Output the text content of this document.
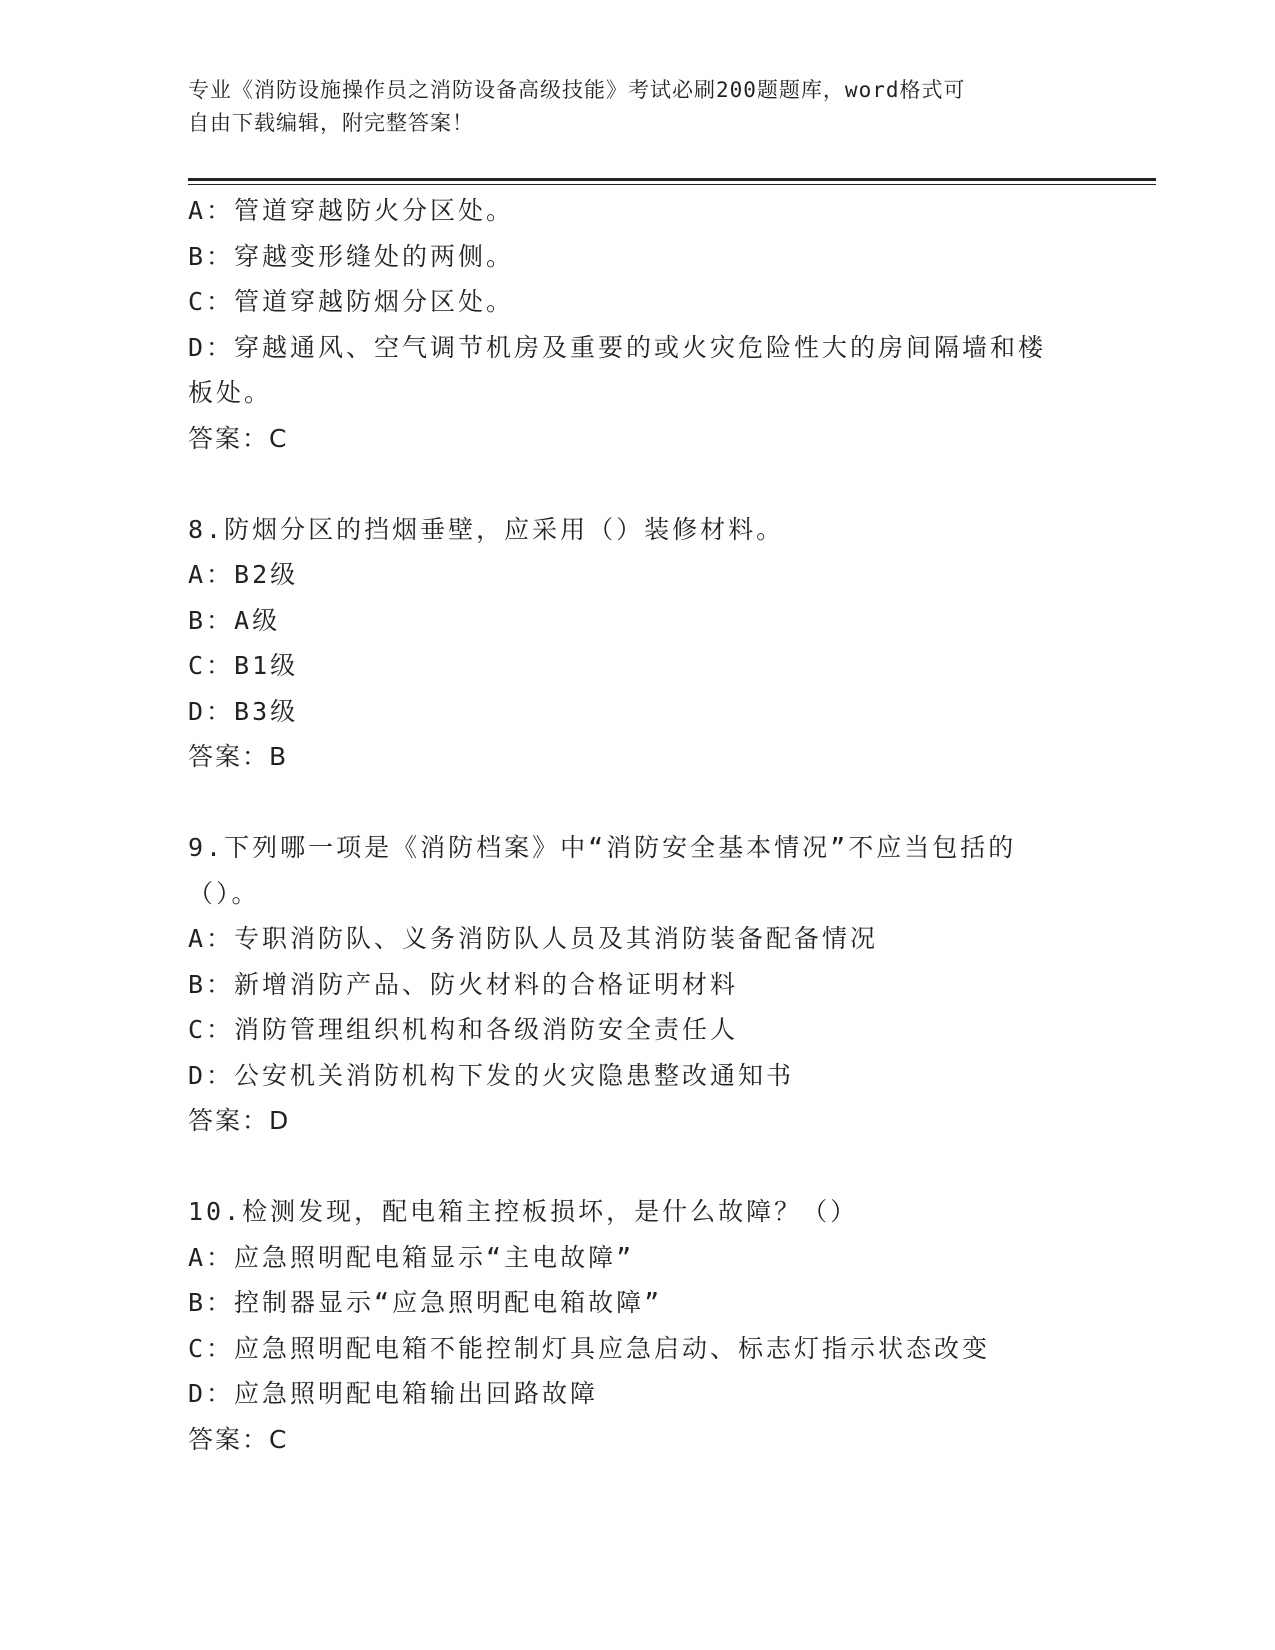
专业《消防设施操作员之消防设备高级技能》考试必刷200题题库，word格式可
自由下载编辑，附完整答案！
A：管道穿越防火分区处。
B：穿越变形缝处的两侧。
C：管道穿越防烟分区处。
D：穿越通风、空气调节机房及重要的或火灾危险性大的房间隔墙和楼板处。
答案：C
8.防烟分区的挡烟垂壁，应采用（）装修材料。
A：B2级
B：A级
C：B1级
D：B3级
答案：B
9.下列哪一项是《消防档案》中“消防安全基本情况”不应当包括的（）。
A：专职消防队、义务消防队人员及其消防装备配备情况
B：新增消防产品、防火材料的合格证明材料
C：消防管理组织机构和各级消防安全责任人
D：公安机关消防机构下发的火灾隐患整改通知书
答案：D
10.检测发现，配电箱主控板损坏，是什么故障？（）
A：应急照明配电箱显示“主电故障”
B：控制器显示“应急照明配电箱故障”
C：应急照明配电箱不能控制灯具应急启动、标志灯指示状态改变
D：应急照明配电箱输出回路故障
答案：C
